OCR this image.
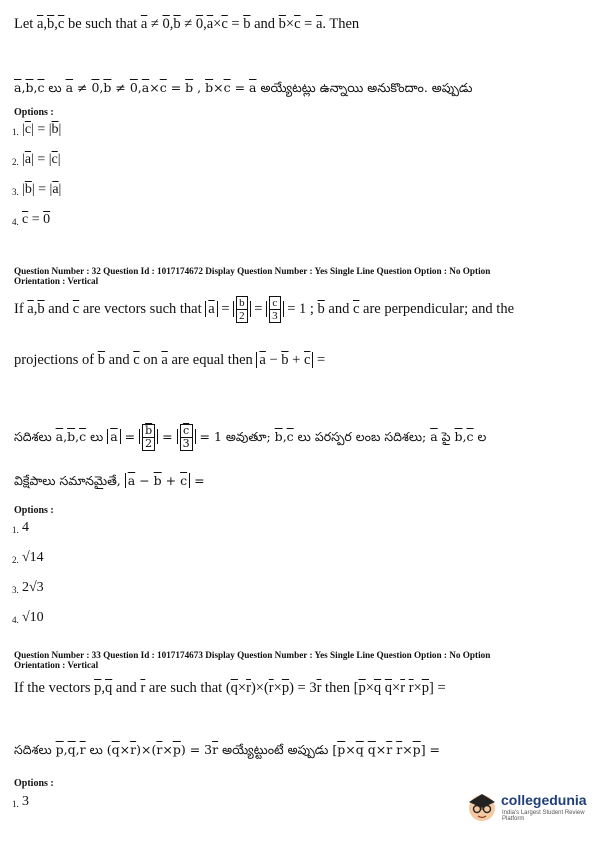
Let $\overline{a},\overline{b},\overline{c}$ be such that $\overline{a} \ne 0,\overline{b} \ne 0,\overline{a}\times\overline{c} = \overline{b}$ and $\overline{b}\times\overline{c} = \overline{a}$. Then
$\overline{a},\overline{b},\overline{c}$ లు $\overline{a} \ne 0,\overline{b} \ne 0,\overline{a}\times\overline{c} = \overline{b}$ , $\overline{b}\times\overline{c} = \overline{a}$ అయ్యేటట్లు ఉన్నాయి అనుకొందాం. అప్పుడు
Options :
1. $|\overline{c}| = |\overline{b}|$
2. $|\overline{a}| = |\overline{c}|$
3. $|\overline{b}| = |\overline{a}|$
4. $\overline{c} = 0$
Question Number : 32 Question Id : 1017174672 Display Question Number : Yes Single Line Question Option : No Option
Orientation : Vertical
If $\overline{a},\overline{b}$ and $\overline{c}$ are vectors such that $\overline{a} = \frac{\overline{b}}{2} = \frac{\overline{c}}{3} = 1$ ; $\overline{b}$ and $\overline{c}$ are perpendicular; and the
projections of $\overline{b}$ and $\overline{c}$ on $\overline{a}$ are equal then $\overline{a} - \overline{b} + \overline{c}$ =
సదిశలు $\overline{a},\overline{b},\overline{c}$ లు $\overline{a} = \frac{\overline{b}}{2} = \frac{\overline{c}}{3} = 1$ అవుతూ; $\overline{b},\overline{c}$ లు పరస్పర లంబ సదిశలు; $\overline{a}$ పై $\overline{b},\overline{c}$ ల
విక్షేపాలు సమానమైతే, $\overline{a} - \overline{b} + \overline{c}$ =
Options :
1. 4
2. √14
3. 2√3
4. √10
Question Number : 33 Question Id : 1017174673 Display Question Number : Yes Single Line Question Option : No Option
Orientation : Vertical
If the vectors $\overline{p},\overline{q}$ and $\overline{r}$ are such that $(\overline{q}\times\overline{r})\times(\overline{r}\times\overline{p}) = 3\overline{r}$ then [$\overline{p}\times\overline{q}$ $\overline{q}\times\overline{r}$ $\overline{r}\times\overline{p}$] =
సదిశలు $\overline{p},\overline{q},\overline{r}$ లు $(\overline{q}\times\overline{r})\times(\overline{r}\times\overline{p}) = 3\overline{r}$ అయ్యేట్టుంటే అప్పుడు [$\overline{p}\times\overline{q}$ $\overline{q}\times\overline{r}$ $\overline{r}\times\overline{p}$] =
Options :
1. 3	collegedunia
India's Largest Student Review Platform
